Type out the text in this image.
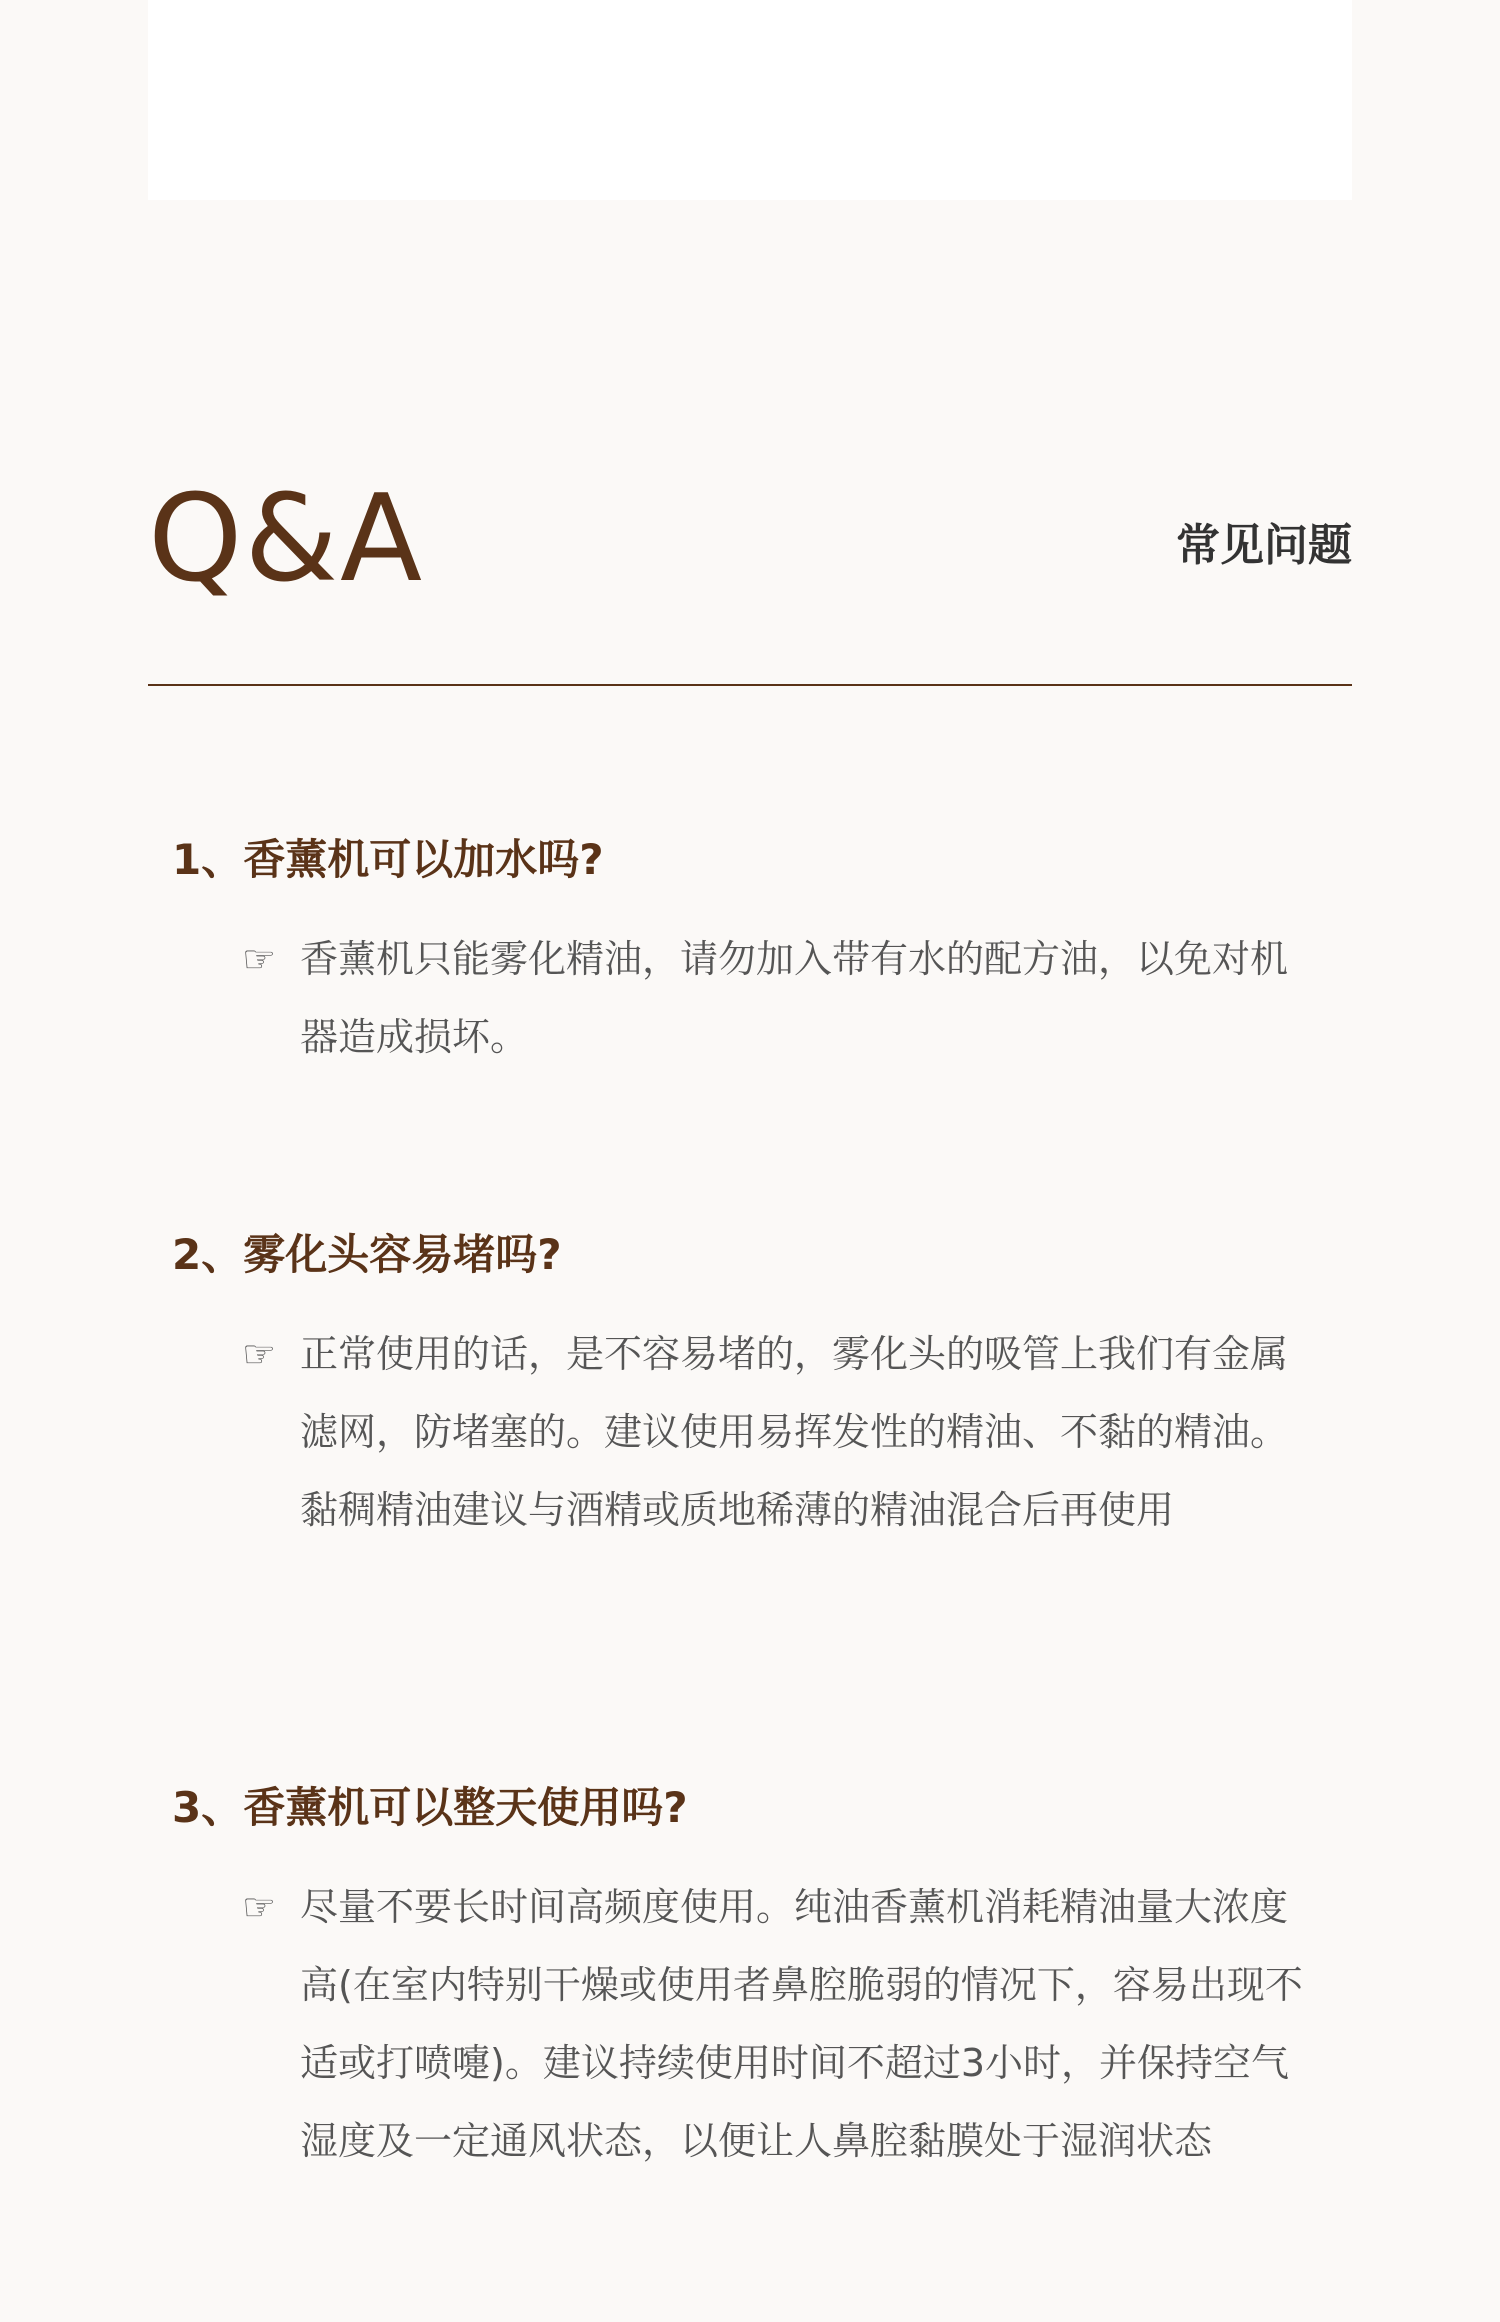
Q&A	常见问题
1、香薰机可以加水吗?
☞ 香薰机只能雾化精油，请勿加入带有水的配方油，以免对机器造成损坏。
2、雾化头容易堵吗?
☞ 正常使用的话，是不容易堵的，雾化头的吸管上我们有金属滤网，防堵塞的。建议使用易挥发性的精油、不黏的精油。黏稠精油建议与酒精或质地稀薄的精油混合后再使用
3、香薰机可以整天使用吗?
☞ 尽量不要长时间高频度使用。纯油香薰机消耗精油量大浓度高(在室内特别干燥或使用者鼻腔脆弱的情况下，容易出现不适或打喷嚏)。建议持续使用时间不超过3小时，并保持空气湿度及一定通风状态，以便让人鼻腔黏膜处于湿润状态
